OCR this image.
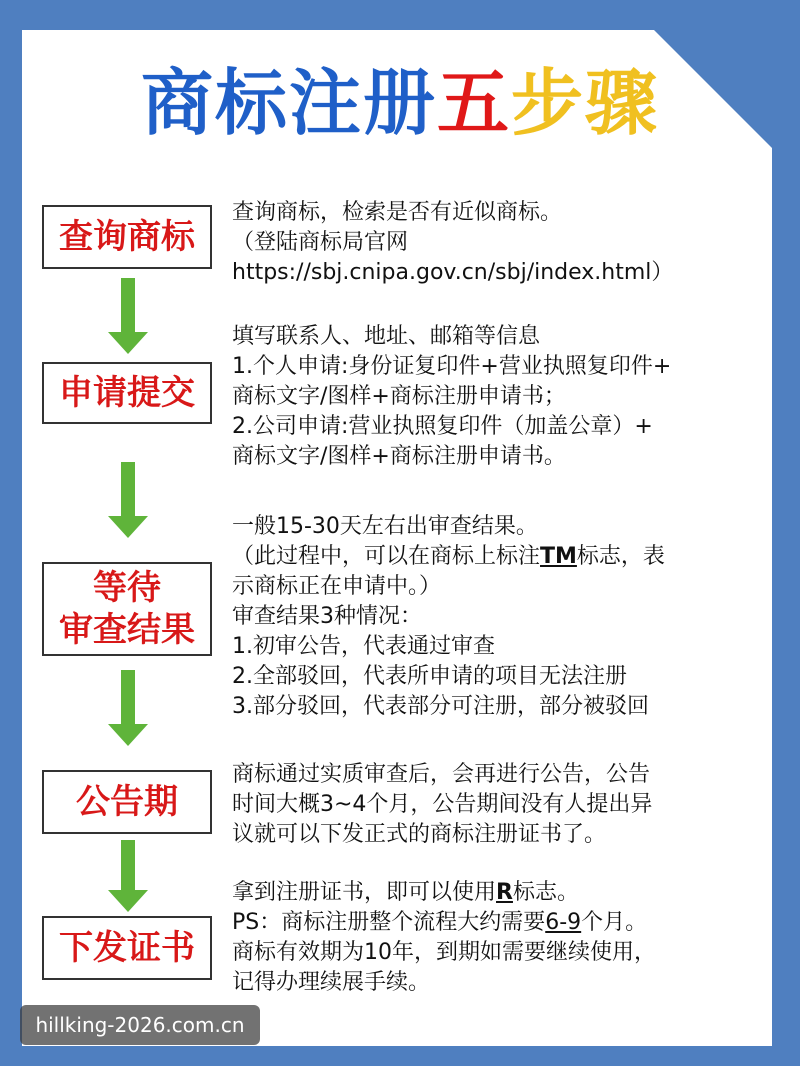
商标注册五步骤
查询商标

查询商标，检索是否有近似商标。

（登陆商标局官网

https://sbj.cnipa.gov.cn/sbj/index.html）

申请提交

填写联系人、地址、邮箱等信息

1.个人申请:身份证复印件+营业执照复印件+

商标文字/图样+商标注册申请书；

2.公司申请:营业执照复印件（加盖公章）+

商标文字/图样+商标注册申请书。

等待
审查结果

一般15-30天左右出审查结果。

（此过程中，可以在商标上标注TM标志，表

示商标正在申请中。）

审查结果3种情况：

1.初审公告，代表通过审查

2.全部驳回，代表所申请的项目无法注册

3.部分驳回，代表部分可注册，部分被驳回

公告期

商标通过实质审查后，会再进行公告，公告

时间大概3~4个月，公告期间没有人提出异

议就可以下发正式的商标注册证书了。

下发证书

拿到注册证书，即可以使用R标志。

PS：商标注册整个流程大约需要6-9个月。

商标有效期为10年，到期如需要继续使用，

记得办理续展手续。

hillking-2026.com.cn
